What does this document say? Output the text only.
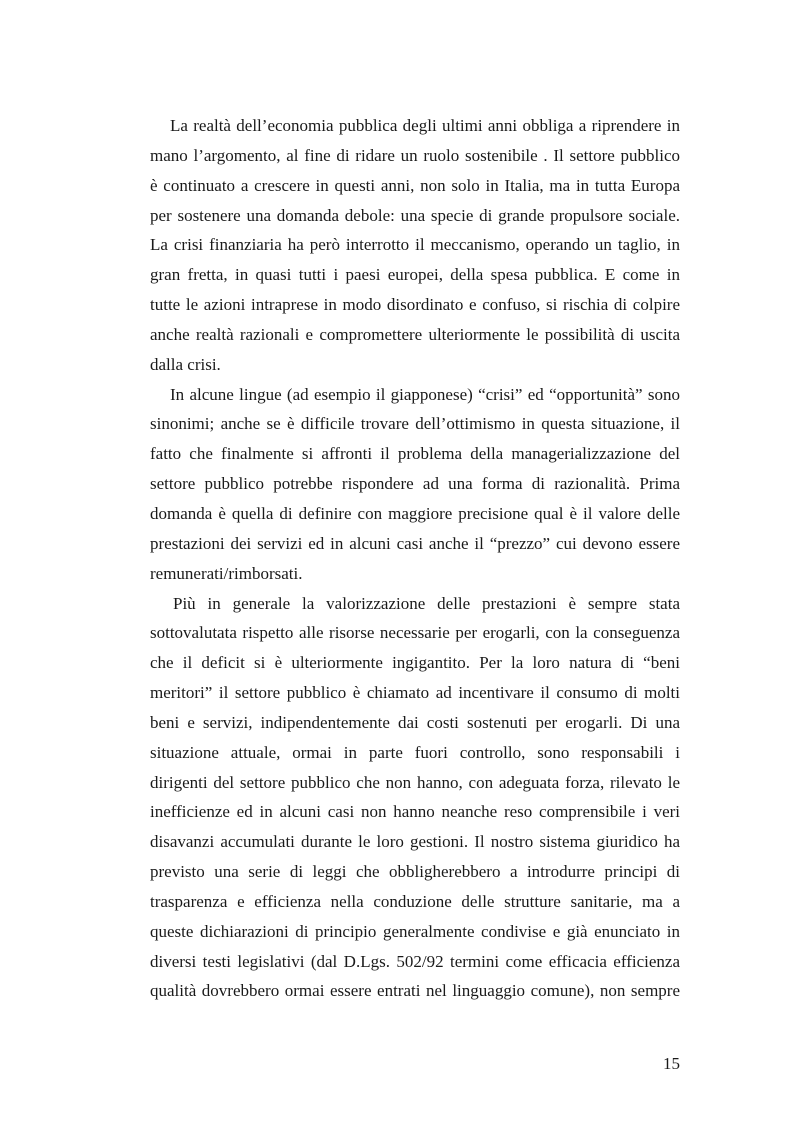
La realtà dell’economia pubblica degli ultimi anni obbliga a riprendere in
mano l’argomento, al fine di ridare un ruolo sostenibile . Il settore pubblico
è continuato a crescere in questi anni, non solo in Italia, ma in tutta Europa
per sostenere una domanda debole: una specie di grande propulsore sociale.
La crisi finanziaria ha però interrotto il meccanismo, operando un taglio, in
gran fretta, in quasi tutti i paesi europei, della spesa pubblica. E come in
tutte le azioni intraprese in modo disordinato e confuso, si rischia di colpire
anche realtà razionali e compromettere ulteriormente le possibilità di uscita
dalla crisi.
In alcune lingue (ad esempio il giapponese) “crisi” ed “opportunità” sono
sinonimi; anche se è difficile trovare dell’ottimismo in questa situazione, il
fatto che finalmente si affronti il problema della managerializzazione del
settore pubblico potrebbe rispondere ad una forma di razionalità. Prima
domanda è quella di definire con maggiore precisione qual è il valore delle
prestazioni dei servizi ed in alcuni casi anche il “prezzo” cui devono essere
remunerati/rimborsati.
Più in generale la valorizzazione delle prestazioni è sempre stata
sottovalutata rispetto alle risorse necessarie per erogarli, con la conseguenza
che il deficit si è ulteriormente ingigantito. Per la loro natura di “beni
meritori” il settore pubblico è chiamato ad incentivare il consumo di molti
beni e servizi, indipendentemente dai costi sostenuti per erogarli. Di una
situazione attuale, ormai in parte fuori controllo, sono responsabili i
dirigenti del settore pubblico che non hanno, con adeguata forza, rilevato le
inefficienze ed in alcuni casi non hanno neanche reso comprensibile i veri
disavanzi accumulati durante le loro gestioni. Il nostro sistema giuridico ha
previsto una serie di leggi che obbligherebbero a introdurre principi di
trasparenza e efficienza nella conduzione delle strutture sanitarie, ma a
queste dichiarazioni di principio generalmente condivise e già enunciato in
diversi testi legislativi (dal D.Lgs. 502/92 termini come efficacia efficienza
qualità dovrebbero ormai essere entrati nel linguaggio comune), non sempre
15
